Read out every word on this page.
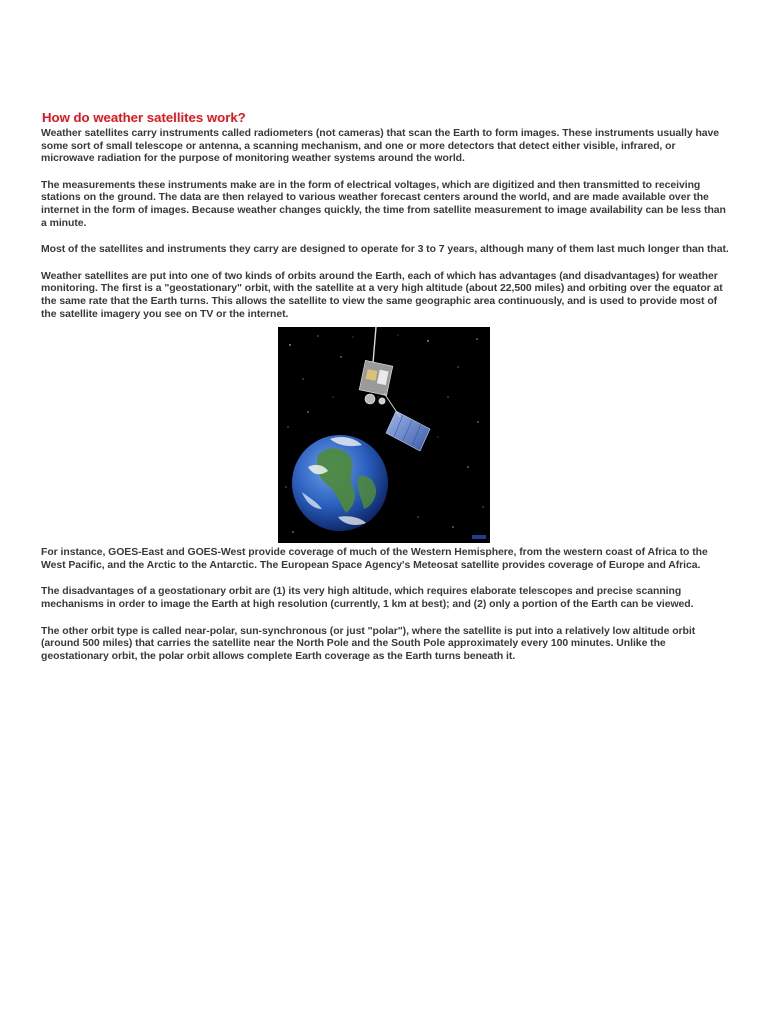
How do weather satellites work?

Weather satellites carry instruments called radiometers (not cameras) that scan the Earth to form images. These instruments usually have some sort of small telescope or antenna, a scanning mechanism, and one or more detectors that detect either visible, infrared, or microwave radiation for the purpose of monitoring weather systems around the world.

The measurements these instruments make are in the form of electrical voltages, which are digitized and then transmitted to receiving stations on the ground. The data are then relayed to various weather forecast centers around the world, and are made available over the internet in the form of images. Because weather changes quickly, the time from satellite measurement to image availability can be less than a minute.

Most of the satellites and instruments they carry are designed to operate for 3 to 7 years, although many of them last much longer than that.

Weather satellites are put into one of two kinds of orbits around the Earth, each of which has advantages (and disadvantages) for weather monitoring. The first is a "geostationary" orbit, with the satellite at a very high altitude (about 22,500 miles) and orbiting over the equator at the same rate that the Earth turns. This allows the satellite to view the same geographic area continuously, and is used to provide most of the satellite imagery you see on TV or the internet.

For instance, GOES-East and GOES-West provide coverage of much of the Western Hemisphere, from the western coast of Africa to the West Pacific, and the Arctic to the Antarctic. The European Space Agency's Meteosat satellite provides coverage of Europe and Africa.

The disadvantages of a geostationary orbit are (1) its very high altitude, which requires elaborate telescopes and precise scanning mechanisms in order to image the Earth at high resolution (currently, 1 km at best); and (2) only a portion of the Earth can be viewed.

The other orbit type is called near-polar, sun-synchronous (or just "polar"), where the satellite is put into a relatively low altitude orbit (around 500 miles) that carries the satellite near the North Pole and the South Pole approximately every 100 minutes. Unlike the geostationary orbit, the polar orbit allows complete Earth coverage as the Earth turns beneath it.
